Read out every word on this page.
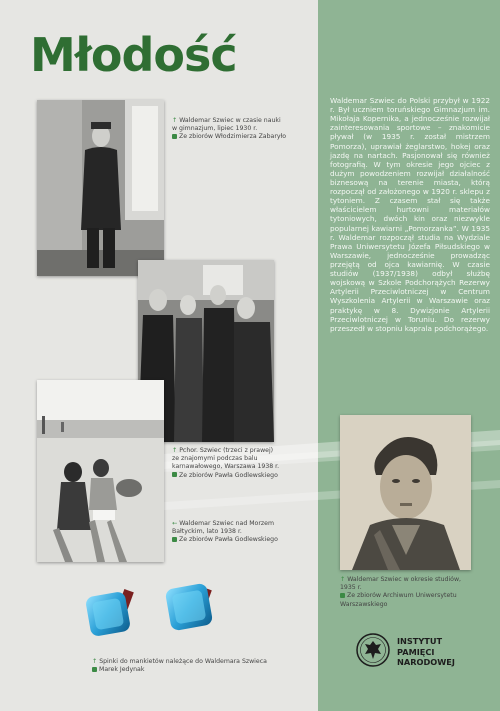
Młodość
↑ Waldemar Szwiec w czasie nauki
w gimnazjum, lipiec 1930 r.
Ze zbiorów Włodzimierza Zabaryło
↑ Pchor. Szwiec (trzeci z prawej)
ze znajomymi podczas balu
karnawałowego, Warszawa 1938 r.
Ze zbiorów Pawła Godlewskiego
← Waldemar Szwiec nad Morzem
Bałtyckim, lato 1938 r.
Ze zbiorów Pawła Godlewskiego

Waldemar Szwiec do Polski przybył w 1922 r. Był uczniem toruńskiego Gimnazjum im. Mikołaja Kopernika, a jednocześnie rozwijał zainteresowania sportowe – znakomicie pływał (w 1935 r. został mistrzem Pomorza), uprawiał żeglarstwo, hokej oraz jazdę na nartach. Pasjonował się również fotografią. W tym okresie jego ojciec z dużym powodzeniem rozwijał działalność biznesową na terenie miasta, którą rozpoczął od założonego w 1920 r. sklepu z tytoniem. Z czasem stał się także właścicielem hurtowni materiałów tytoniowych, dwóch kin oraz niezwykle popularnej kawiarni „Pomorzanka”. W 1935 r. Waldemar rozpoczął studia na Wydziale Prawa Uniwersytetu Józefa Piłsudskiego w Warszawie, jednocześnie prowadząc przejętą od ojca kawiarnię. W czasie studiów (1937/1938) odbył służbę wojskową w Szkole Podchorążych Rezerwy Artylerii Przeciwlotniczej w Centrum Wyszkolenia Artylerii w Warszawie oraz praktykę w 8. Dywizjonie Artylerii Przeciwlotniczej w Toruniu. Do rezerwy przeszedł w stopniu kaprala podchorążego.

↑ Waldemar Szwiec w okresie studiów,
1935 r.
Ze zbiorów Archiwum Uniwersytetu
Warszawskiego
↑ Spinki do mankietów należące do Waldemara Szwieca
Marek Jedynak
INSTYTUT
PAMIĘCI
NARODOWEJ
